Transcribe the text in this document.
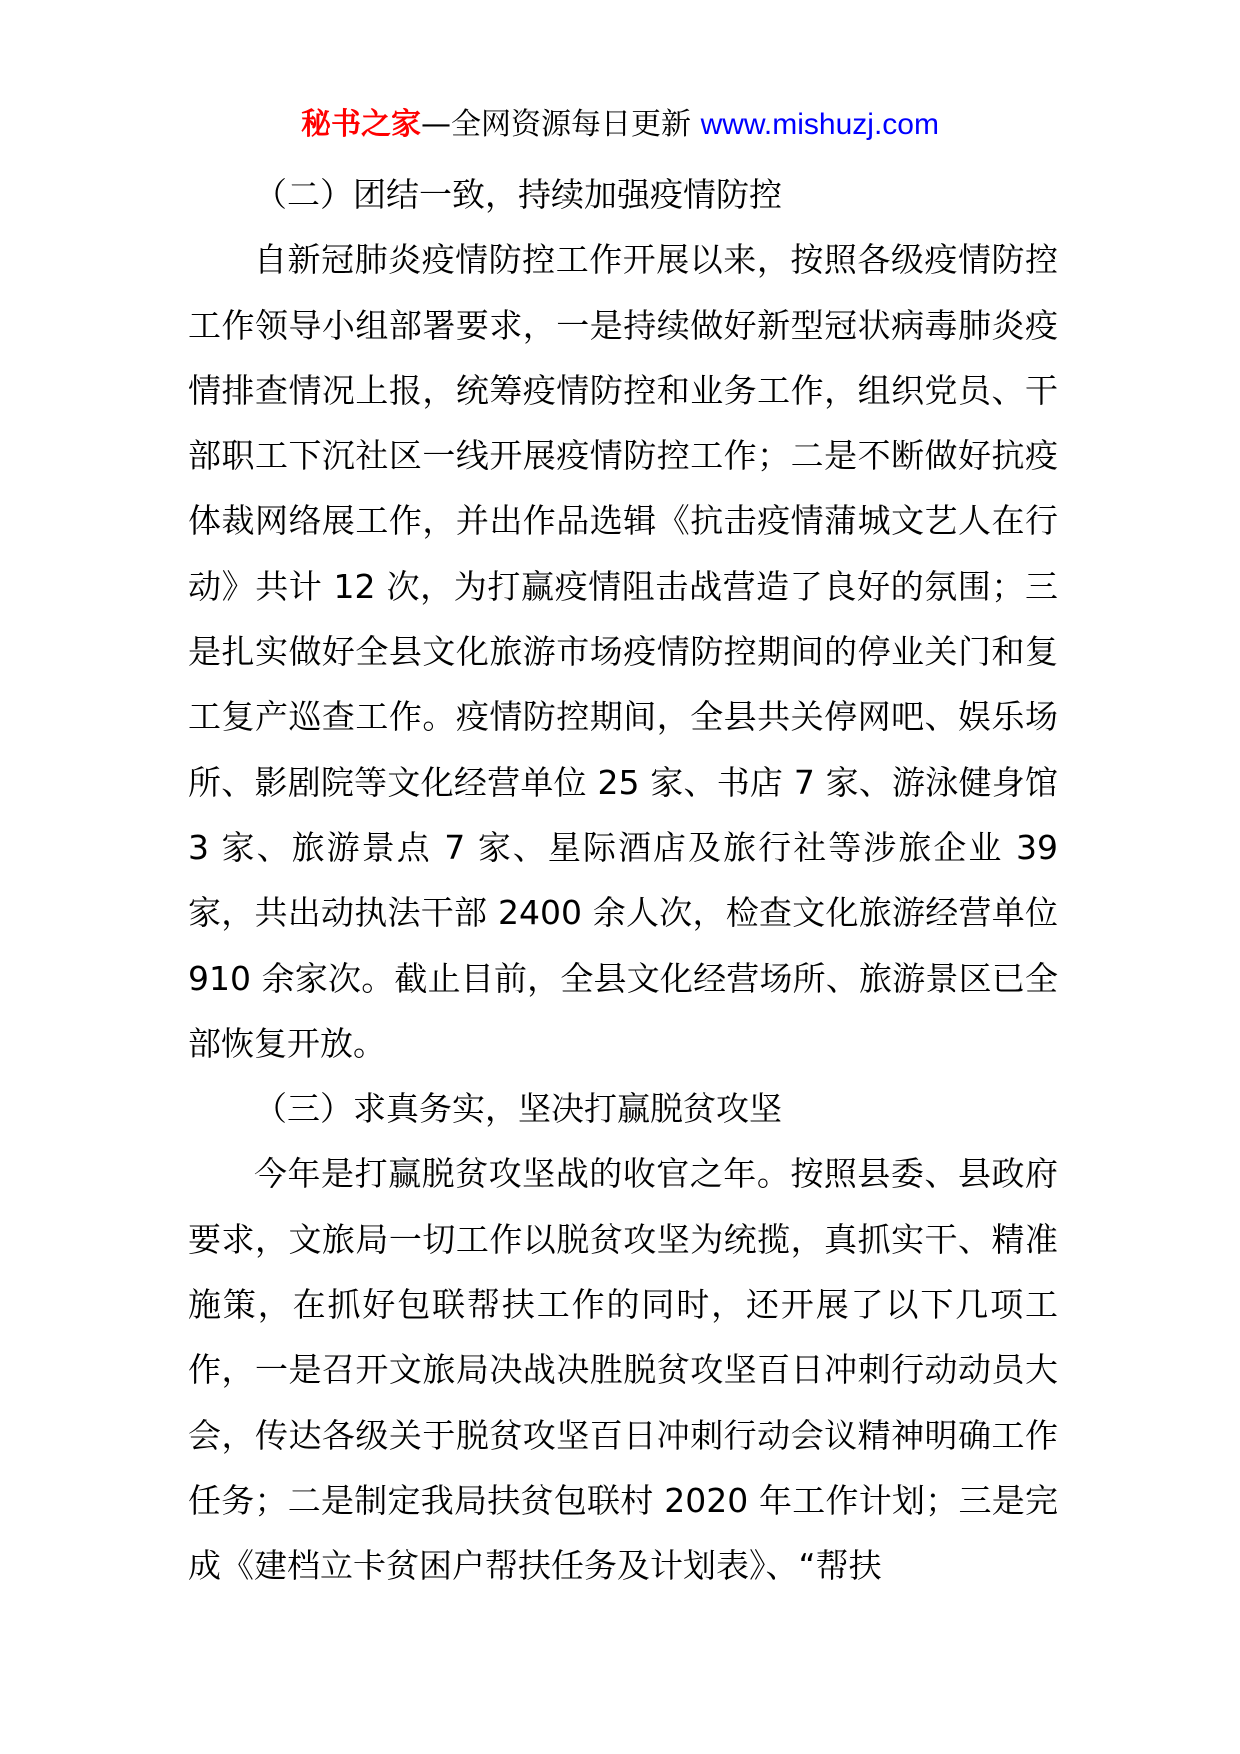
秘书之家—全网资源每日更新 www.mishuzj.com

（二）团结一致，持续加强疫情防控

自新冠肺炎疫情防控工作开展以来，按照各级疫情防控工作领导小组部署要求，一是持续做好新型冠状病毒肺炎疫情排查情况上报，统筹疫情防控和业务工作，组织党员、干部职工下沉社区一线开展疫情防控工作；二是不断做好抗疫体裁网络展工作，并出作品选辑《抗击疫情蒲城文艺人在行动》共计 12 次，为打赢疫情阻击战营造了良好的氛围；三是扎实做好全县文化旅游市场疫情防控期间的停业关门和复工复产巡查工作。疫情防控期间，全县共关停网吧、娱乐场所、影剧院等文化经营单位 25 家、书店 7 家、游泳健身馆 3 家、旅游景点 7 家、星际酒店及旅行社等涉旅企业 39 家，共出动执法干部 2400 余人次，检查文化旅游经营单位 910 余家次。截止目前，全县文化经营场所、旅游景区已全部恢复开放。

（三）求真务实，坚决打赢脱贫攻坚

今年是打赢脱贫攻坚战的收官之年。按照县委、县政府要求，文旅局一切工作以脱贫攻坚为统揽，真抓实干、精准施策，在抓好包联帮扶工作的同时，还开展了以下几项工作，一是召开文旅局决战决胜脱贫攻坚百日冲刺行动动员大会，传达各级关于脱贫攻坚百日冲刺行动会议精神明确工作任务；二是制定我局扶贫包联村 2020 年工作计划；三是完成《建档立卡贫困户帮扶任务及计划表》、“帮扶
